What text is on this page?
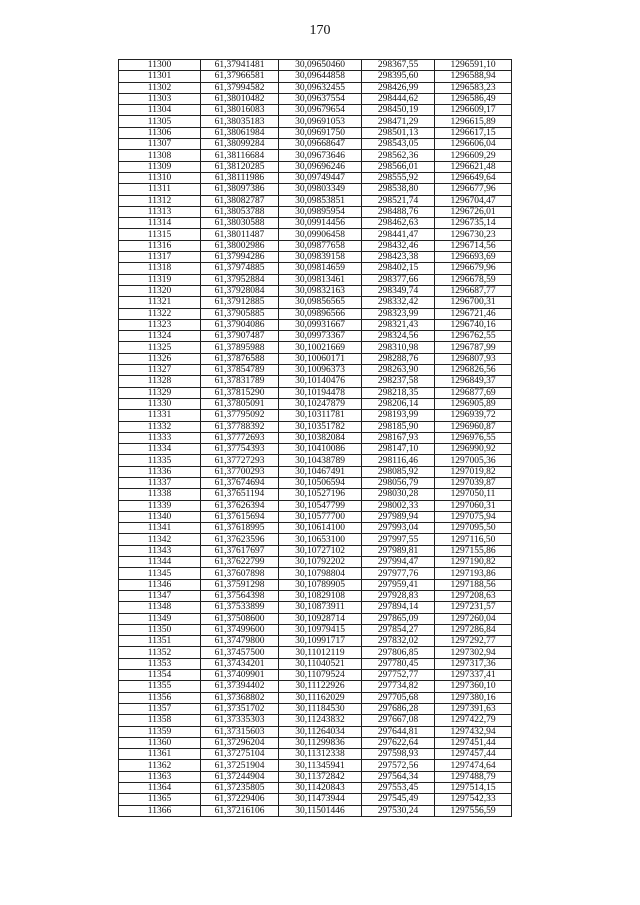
170
11300	61,37941481	30,09650460	298367,55	1296591,10
11301	61,37966581	30,09644858	298395,60	1296588,94
11302	61,37994582	30,09632455	298426,99	1296583,23
11303	61,38010482	30,09637554	298444,62	1296586,49
11304	61,38016083	30,09679654	298450,19	1296609,17
11305	61,38035183	30,09691053	298471,29	1296615,89
11306	61,38061984	30,09691750	298501,13	1296617,15
11307	61,38099284	30,09668647	298543,05	1296606,04
11308	61,38116684	30,09673646	298562,36	1296609,29
11309	61,38120285	30,09696246	298566,01	1296621,48
11310	61,38111986	30,09749447	298555,92	1296649,64
11311	61,38097386	30,09803349	298538,80	1296677,96
11312	61,38082787	30,09853851	298521,74	1296704,47
11313	61,38053788	30,09895954	298488,76	1296726,01
11314	61,38030588	30,09914456	298462,63	1296735,14
11315	61,38011487	30,09906458	298441,47	1296730,23
11316	61,38002986	30,09877658	298432,46	1296714,56
11317	61,37994286	30,09839158	298423,38	1296693,69
11318	61,37974885	30,09814659	298402,15	1296679,96
11319	61,37952884	30,09813461	298377,66	1296678,59
11320	61,37928084	30,09832163	298349,74	1296687,77
11321	61,37912885	30,09856565	298332,42	1296700,31
11322	61,37905885	30,09896566	298323,99	1296721,46
11323	61,37904086	30,09931667	298321,43	1296740,16
11324	61,37907487	30,09973367	298324,56	1296762,55
11325	61,37895988	30,10021669	298310,98	1296787,99
11326	61,37876588	30,10060171	298288,76	1296807,93
11327	61,37854789	30,10096373	298263,90	1296826,56
11328	61,37831789	30,10140476	298237,58	1296849,37
11329	61,37815290	30,10194478	298218,35	1296877,69
11330	61,37805091	30,10247879	298206,14	1296905,89
11331	61,37795092	30,10311781	298193,99	1296939,72
11332	61,37788392	30,10351782	298185,90	1296960,87
11333	61,37772693	30,10382084	298167,93	1296976,55
11334	61,37754393	30,10410086	298147,10	1296990,92
11335	61,37727293	30,10438789	298116,46	1297005,36
11336	61,37700293	30,10467491	298085,92	1297019,82
11337	61,37674694	30,10506594	298056,79	1297039,87
11338	61,37651194	30,10527196	298030,28	1297050,11
11339	61,37626394	30,10547799	298002,33	1297060,31
11340	61,37615694	30,10577700	297989,94	1297075,94
11341	61,37618995	30,10614100	297993,04	1297095,50
11342	61,37623596	30,10653100	297997,55	1297116,50
11343	61,37617697	30,10727102	297989,81	1297155,86
11344	61,37622799	30,10792202	297994,47	1297190,82
11345	61,37607898	30,10798804	297977,76	1297193,86
11346	61,37591298	30,10789905	297959,41	1297188,56
11347	61,37564398	30,10829108	297928,83	1297208,63
11348	61,37533899	30,10873911	297894,14	1297231,57
11349	61,37508600	30,10928714	297865,09	1297260,04
11350	61,37499600	30,10979415	297854,27	1297286,84
11351	61,37479800	30,10991717	297832,02	1297292,77
11352	61,37457500	30,11012119	297806,85	1297302,94
11353	61,37434201	30,11040521	297780,45	1297317,36
11354	61,37409901	30,11079524	297752,77	1297337,41
11355	61,37394402	30,11122926	297734,82	1297360,10
11356	61,37368802	30,11162029	297705,68	1297380,16
11357	61,37351702	30,11184530	297686,28	1297391,63
11358	61,37335303	30,11243832	297667,08	1297422,79
11359	61,37315603	30,11264034	297644,81	1297432,94
11360	61,37296204	30,11299836	297622,64	1297451,44
11361	61,37275104	30,11312338	297598,93	1297457,44
11362	61,37251904	30,11345941	297572,56	1297474,64
11363	61,37244904	30,11372842	297564,34	1297488,79
11364	61,37235805	30,11420843	297553,45	1297514,15
11365	61,37229406	30,11473944	297545,49	1297542,33
11366	61,37216106	30,11501446	297530,24	1297556,59
